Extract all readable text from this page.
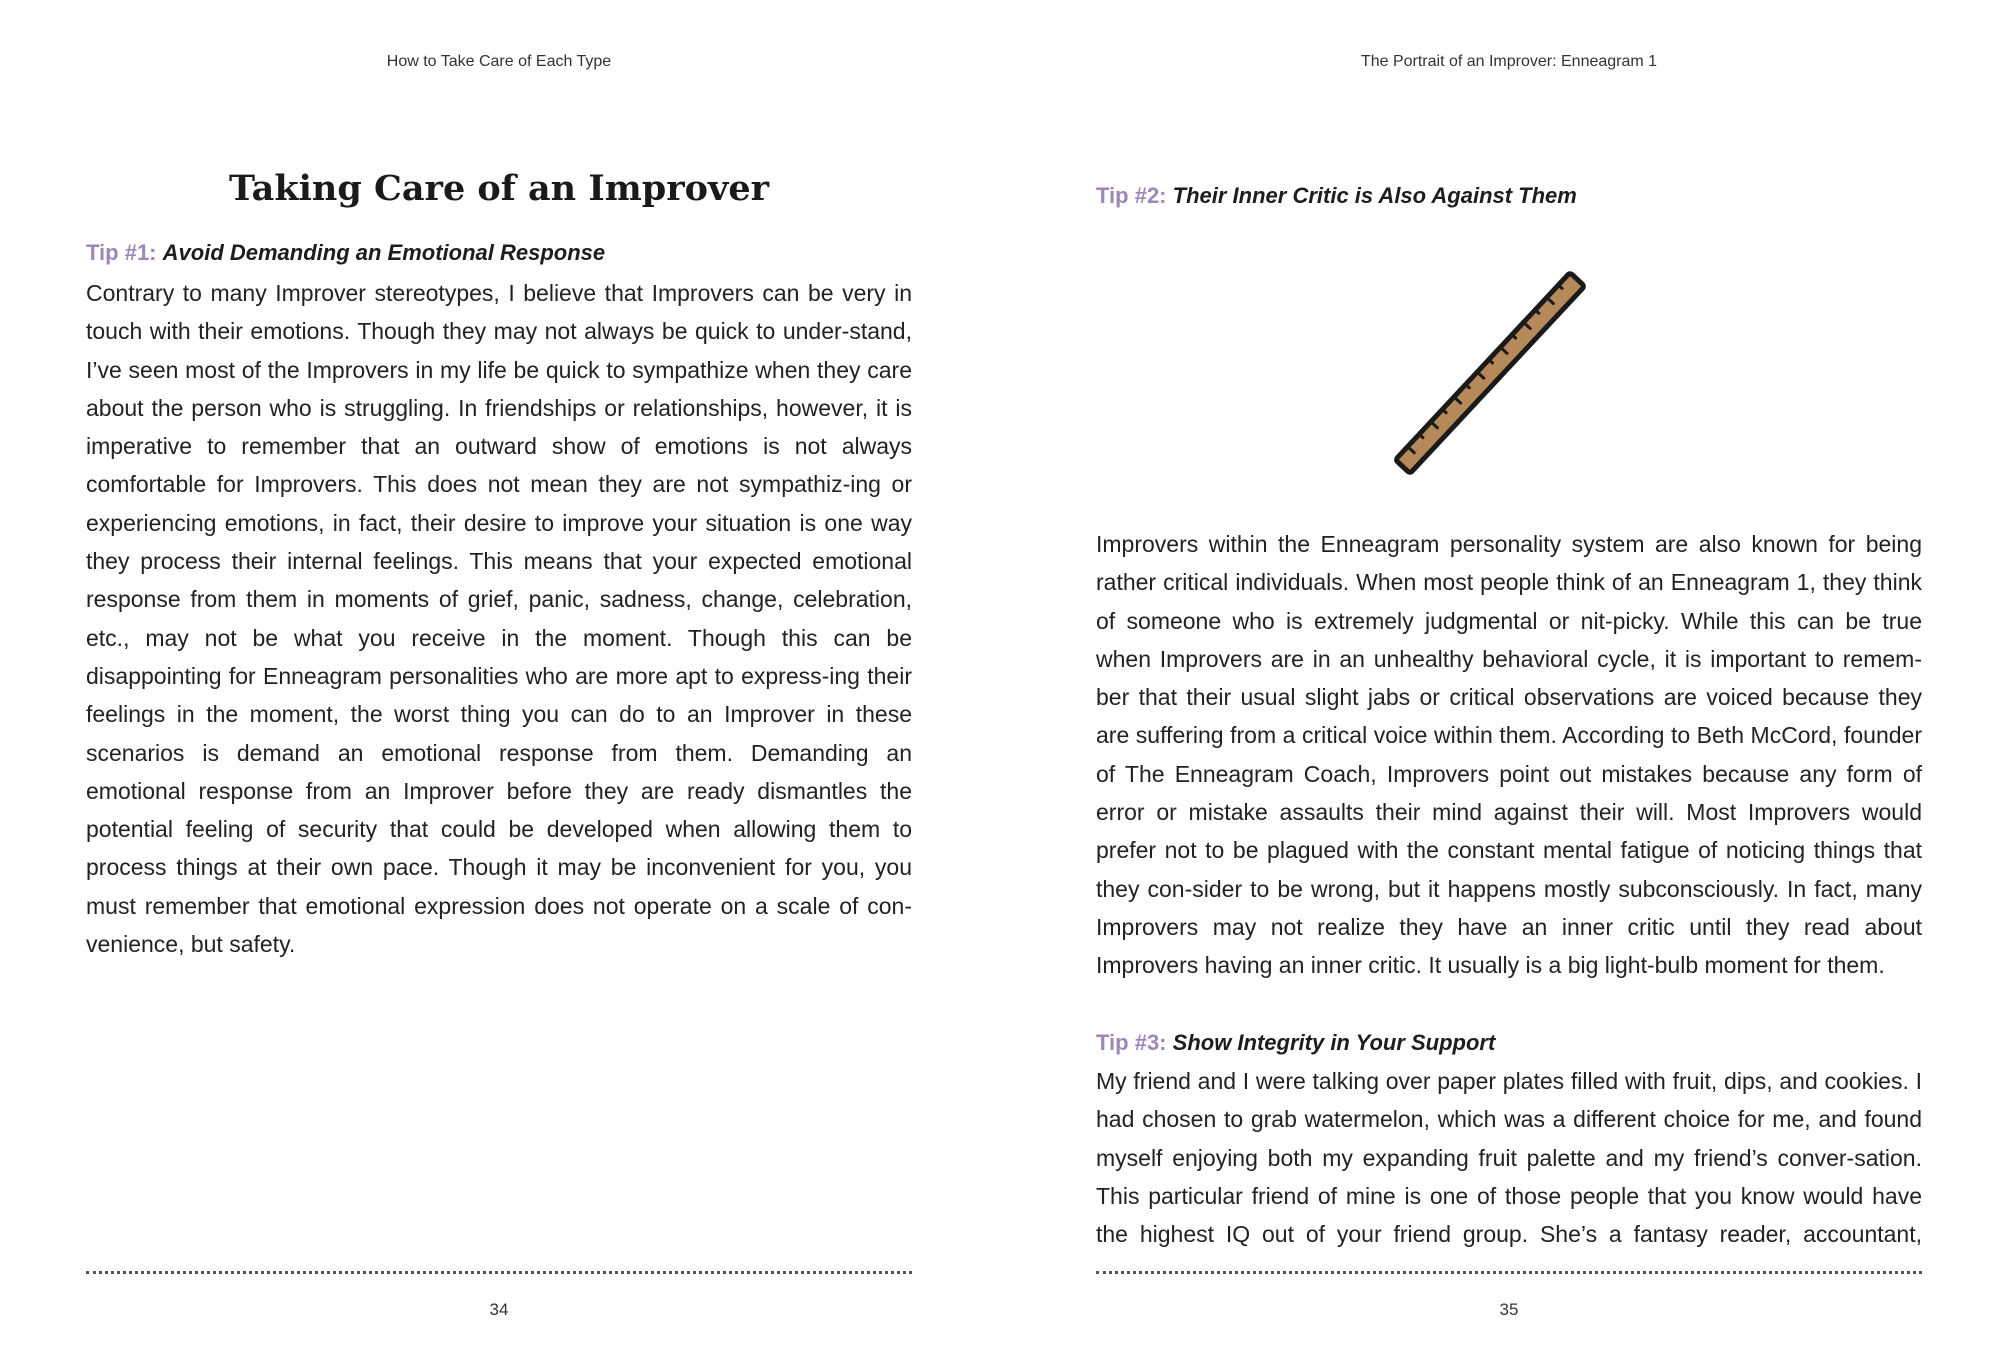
How to Take Care of Each Type
Taking Care of an Improver
Tip #1: Avoid Demanding an Emotional Response

Contrary to many Improver stereotypes, I believe that Improvers can be very in touch with their emotions. Though they may not always be quick to under-stand, I’ve seen most of the Improvers in my life be quick to sympathize when they care about the person who is struggling. In friendships or relationships, however, it is imperative to remember that an outward show of emotions is not always comfortable for Improvers. This does not mean they are not sympathiz-ing or experiencing emotions, in fact, their desire to improve your situation is one way they process their internal feelings. This means that your expected emotional response from them in moments of grief, panic, sadness, change, celebration, etc., may not be what you receive in the moment. Though this can be disappointing for Enneagram personalities who are more apt to express-ing their feelings in the moment, the worst thing you can do to an Improver in these scenarios is demand an emotional response from them. Demanding an emotional response from an Improver before they are ready dismantles the potential feeling of security that could be developed when allowing them to process things at their own pace. Though it may be inconvenient for you, you must remember that emotional expression does not operate on a scale of con-venience, but safety.

34
The Portrait of an Improver: Enneagram 1
Tip #2: Their Inner Critic is Also Against Them

Improvers within the Enneagram personality system are also known for being rather critical individuals. When most people think of an Enneagram 1, they think of someone who is extremely judgmental or nit-picky. While this can be true when Improvers are in an unhealthy behavioral cycle, it is important to remem-ber that their usual slight jabs or critical observations are voiced because they are suffering from a critical voice within them. According to Beth McCord, founder of The Enneagram Coach, Improvers point out mistakes because any form of error or mistake assaults their mind against their will. Most Improvers would prefer not to be plagued with the constant mental fatigue of noticing things that they con-sider to be wrong, but it happens mostly subconsciously. In fact, many Improvers may not realize they have an inner critic until they read about Improvers having an inner critic. It usually is a big light-bulb moment for them.

Tip #3: Show Integrity in Your Support

My friend and I were talking over paper plates filled with fruit, dips, and cookies. I had chosen to grab watermelon, which was a different choice for me, and found myself enjoying both my expanding fruit palette and my friend’s conver-sation. This particular friend of mine is one of those people that you know would have the highest IQ out of your friend group. She’s a fantasy reader, accountant,

35
